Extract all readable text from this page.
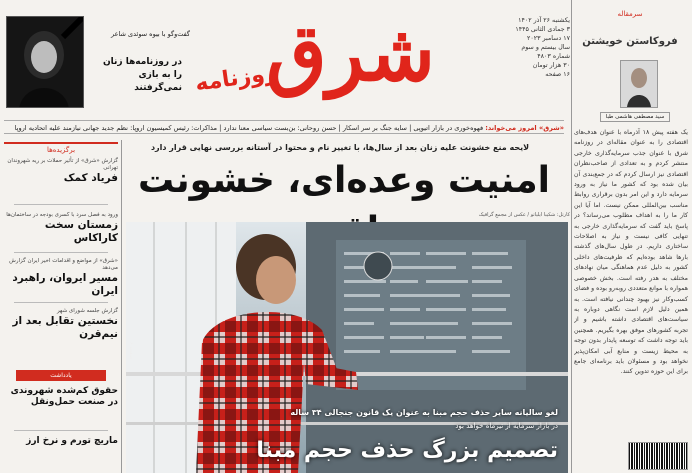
شرق
روزنامه
یکشنبه ۲۶ آذر ۱۴۰۲
۳ جمادی الثانی ۱۴۴۵
۱۷ دسامبر ۲۰۲۳
سال بیستم و سوم
شماره ۴۸۰۳
۳۰ هزار تومان
۱۶ صفحه
گفت‌وگو با بیوه سوئدی شاعر
در روزنامه‌ها زنان را به بازی نمی‌گرفتند
سرمقاله
فروکاستن خویشتن
سید مصطفی هاشمی طبا
«شرق» امروز می‌خواند: فهوه‌خوری در بازار اتیوپی | سایه جنگ بر سر اسکار | حسن روحانی: بن‌بست سیاسی معنا ندارد | مذاکرات: رئیس کمیسیون اروپا: نظم جدید جهانی نیازمند علیه اتحادیه اروپا
لایحه منع خشونت علیه زنان بعد از سال‌ها، با تغییر نام و محتوا در آستانه بررسی نهایی قرار دارد
امنیت وعده‌ای، خشونت
کارتل: شکیبا ایلیاتو / عکس از مجمع گرافیک
صفحه ۶
لغو سالیانه سایر حذف حجم مبنا به عنوان یک قانون جنجالی ۳۴ ساله
در بازار سرمایه از تیرماه خواهد بود
تصمیم بزرگ حذف حجم مبنا
برگزیده‌ها
گزارش «شرق» از تأثیر حملات بر ریه شهروندان تهرانی
فریاد کمک
ورود به فصل سرد با کسری بودجه در ساختمان‌ها
زمستان سخت کاراکاس
«شرق» از مواضع و اقدامات اخیر ایران گزارش می‌دهد
مسیر ایروان، راهبرد ایران
گزارش جلسه شورای شهر
نخستین تقابل بعد از نیم‌قرن
یادداشت
حقوق کم‌شده شهروندی در صنعت حمل‌ونقل
ماریچ تورم و نرخ ارز

یک هفته پیش ۱۸ آذرماه با عنوان هدف‌های اقتصادی را به عنوان مقاله‌ای در روزنامه شرق با عنوان جذب سرمایه‌گذاری خارجی منتشر کردم و به تعدادی از صاحب‌نظران اقتصادی نیز ارسال کردم که در جمع‌بندی آن بیان شده بود که کشور ما نیاز به ورود سرمایه دارد و این امر بدون برقراری روابط مناسب بین‌المللی ممکن نیست. اما آیا این کار ما را به اهداف مطلوب می‌رساند؟ در پاسخ باید گفت که سرمایه‌گذاری خارجی به تنهایی کافی نیست و نیاز به اصلاحات ساختاری داریم. در طول سال‌های گذشته بارها شاهد بوده‌ایم که ظرفیت‌های داخلی کشور به دلیل عدم هماهنگی میان نهادهای مختلف به هدر رفته است. بخش خصوصی همواره با موانع متعددی روبه‌رو بوده و فضای کسب‌وکار نیز بهبود چندانی نیافته است. به همین دلیل لازم است نگاهی دوباره به سیاست‌های اقتصادی داشته باشیم و از تجربه کشورهای موفق بهره بگیریم. همچنین باید توجه داشت که توسعه پایدار بدون توجه به محیط زیست و منابع آبی امکان‌پذیر نخواهد بود و مسئولان باید برنامه‌ای جامع برای این حوزه تدوین کنند.
